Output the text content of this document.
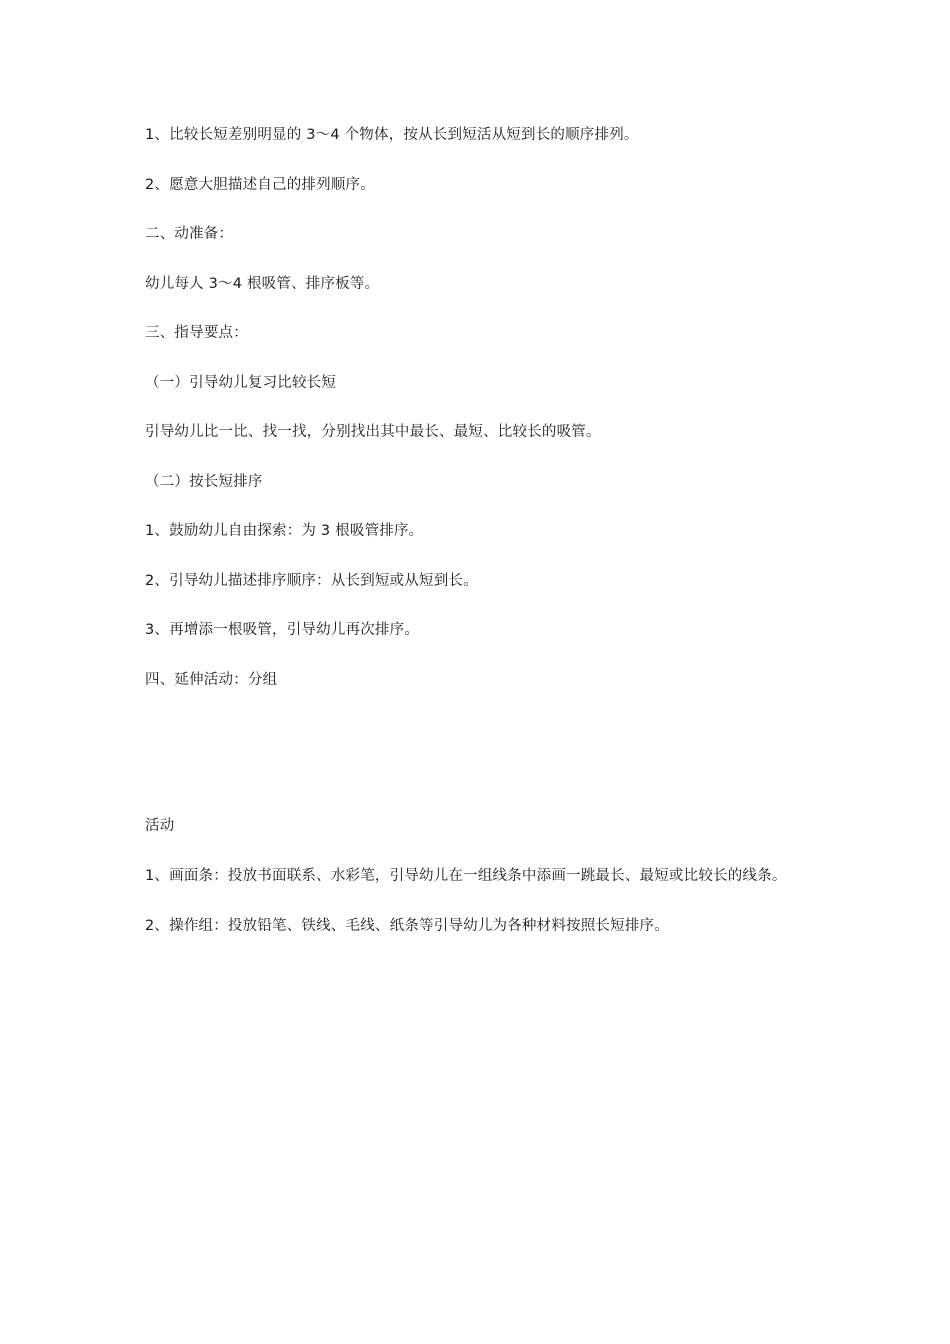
1、比较长短差别明显的 3～4 个物体，按从长到短活从短到长的顺序排列。

2、愿意大胆描述自己的排列顺序。

二、动准备：

幼儿每人 3～4 根吸管、排序板等。

三、指导要点：

（一）引导幼儿复习比较长短

引导幼儿比一比、找一找，分别找出其中最长、最短、比较长的吸管。

（二）按长短排序

1、鼓励幼儿自由探索：为 3 根吸管排序。

2、引导幼儿描述排序顺序：从长到短或从短到长。

3、再增添一根吸管，引导幼儿再次排序。

四、延伸活动：分组

活动

1、画面条：投放书面联系、水彩笔，引导幼儿在一组线条中添画一跳最长、最短或比较长的线条。

2、操作组：投放铅笔、铁线、毛线、纸条等引导幼儿为各种材料按照长短排序。
